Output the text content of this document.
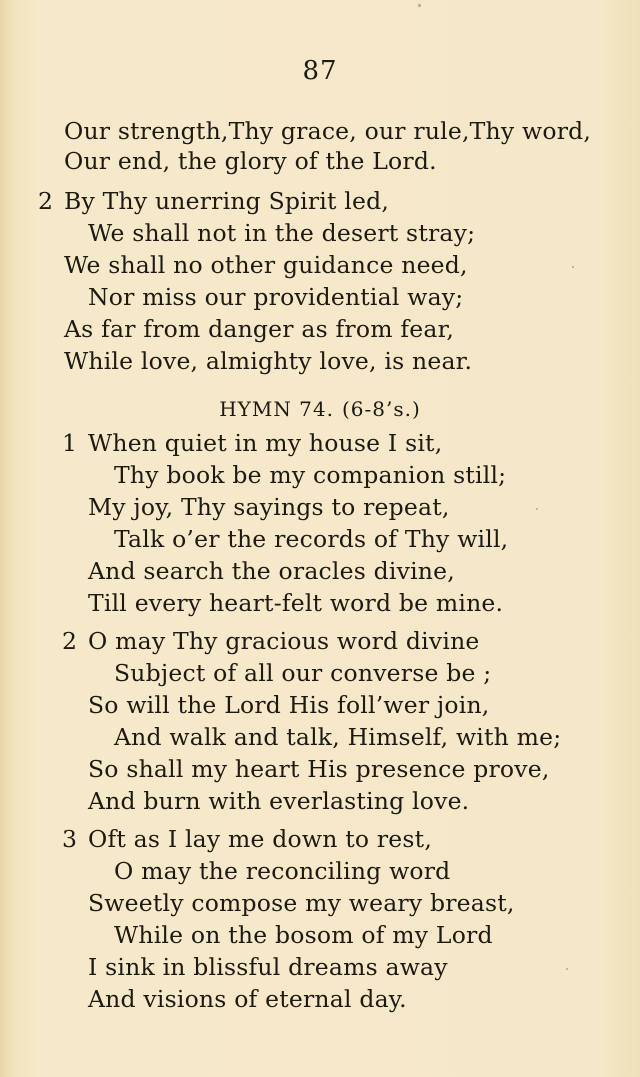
87
Our strength,Thy grace, our rule,Thy word,
Our end, the glory of the Lord.
2 By Thy unerring Spirit led,
We shall not in the desert stray;
We shall no other guidance need,
Nor miss our providential way;
As far from danger as from fear,
While love, almighty love, is near.
HYMN 74. (6-8’s.)
1 When quiet in my house I sit,
Thy book be my companion still;
My joy, Thy sayings to repeat,
Talk o’er the records of Thy will,
And search the oracles divine,
Till every heart-felt word be mine.
2 O may Thy gracious word divine
Subject of all our converse be ;
So will the Lord His foll’wer join,
And walk and talk, Himself, with me;
So shall my heart His presence prove,
And burn with everlasting love.
3 Oft as I lay me down to rest,
O may the reconciling word
Sweetly compose my weary breast,
While on the bosom of my Lord
I sink in blissful dreams away
And visions of eternal day.
